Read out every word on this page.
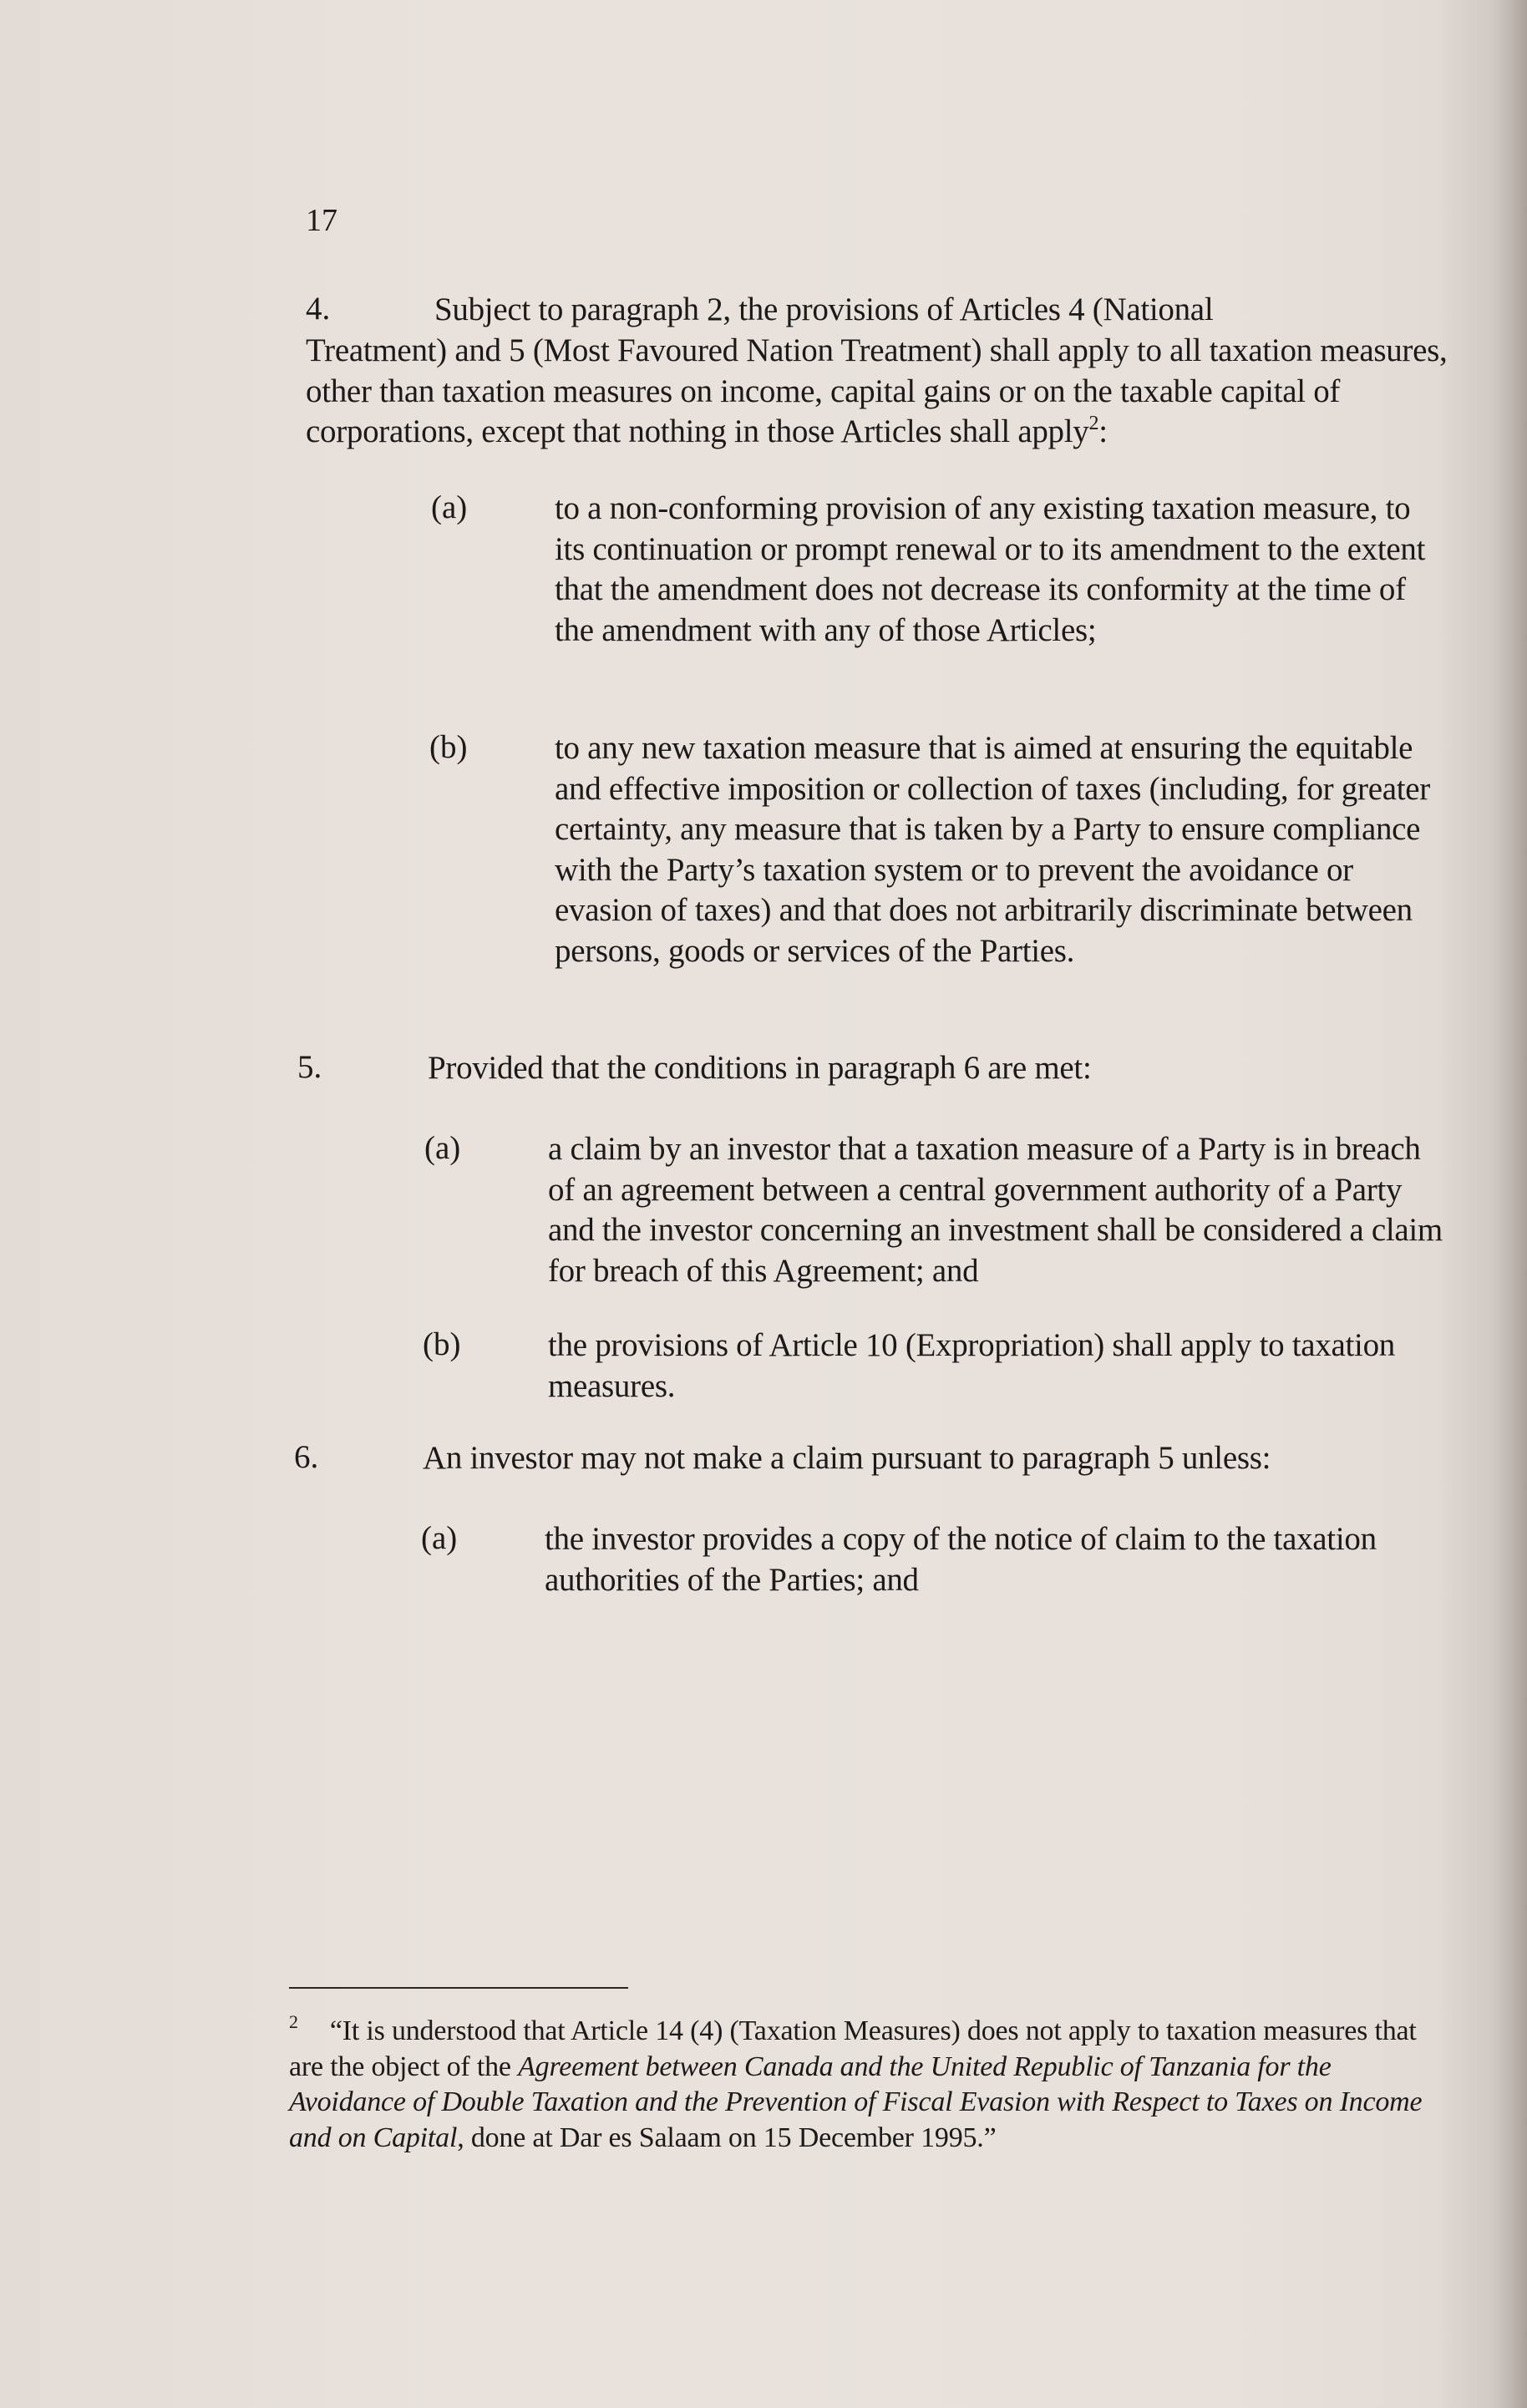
17
4.	Subject to paragraph 2, the provisions of Articles 4 (National
Treatment) and 5 (Most Favoured Nation Treatment) shall apply to all taxation measures, other than taxation measures on income, capital gains or on the taxable capital of corporations, except that nothing in those Articles shall apply$^2$:
(a)	to a non-conforming provision of any existing taxation measure, to its continuation or prompt renewal or to its amendment to the extent that the amendment does not decrease its conformity at the time of the amendment with any of those Articles;
(b)	to any new taxation measure that is aimed at ensuring the equitable and effective imposition or collection of taxes (including, for greater certainty, any measure that is taken by a Party to ensure compliance with the Party’s taxation system or to prevent the avoidance or evasion of taxes) and that does not arbitrarily discriminate between persons, goods or services of the Parties.
5.	Provided that the conditions in paragraph 6 are met:
(a)	a claim by an investor that a taxation measure of a Party is in breach of an agreement between a central government authority of a Party and the investor concerning an investment shall be considered a claim for breach of this Agreement; and
(b)	the provisions of Article 10 (Expropriation) shall apply to taxation measures.
6.	An investor may not make a claim pursuant to paragraph 5 unless:
(a)	the investor provides a copy of the notice of claim to the taxation authorities of the Parties; and
$^2$ “It is understood that Article 14 (4) (Taxation Measures) does not apply to taxation measures that are the object of the Agreement between Canada and the United Republic of Tanzania for the Avoidance of Double Taxation and the Prevention of Fiscal Evasion with Respect to Taxes on Income and on Capital, done at Dar es Salaam on 15 December 1995.”
